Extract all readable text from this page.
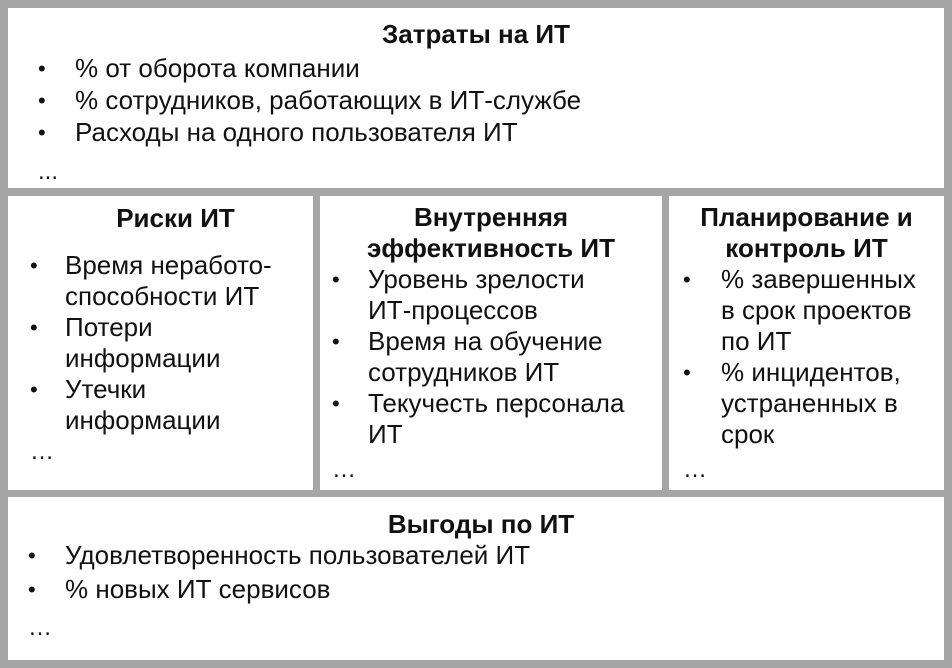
Затраты на ИТ
• % от оборота компании
• % сотрудников, работающих в ИТ-службе
• Расходы на одного пользователя ИТ
...
Риски ИТ
• Время неработо-
способности ИТ
• Потери
информации
• Утечки
информации
…
Внутренняя
эффективность ИТ
• Уровень зрелости
ИТ-процессов
• Время на обучение
сотрудников ИТ
• Текучесть персонала
ИТ
…
Планирование и
контроль ИТ
• % завершенных
в срок проектов
по ИТ
• % инцидентов,
устраненных в
срок
…
Выгоды по ИТ
• Удовлетворенность пользователей ИТ
• % новых ИТ сервисов
…
